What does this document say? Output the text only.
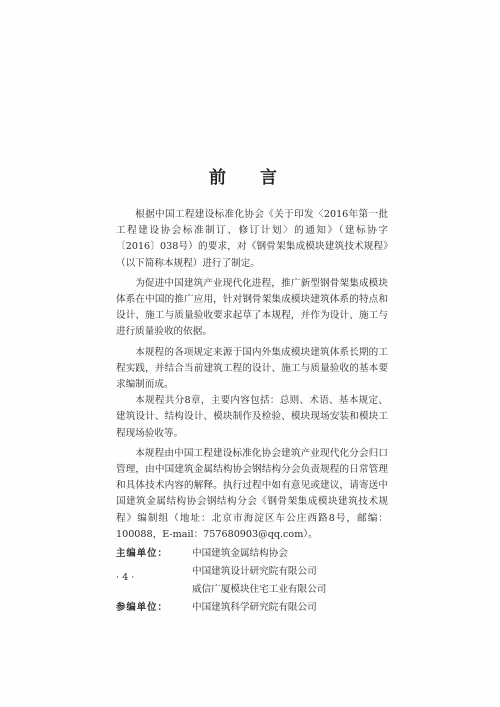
前 言

根据中国工程建设标准化协会《关于印发〈2016年第一批工程建设协会标准制订、修订计划〉的通知》（建标协字〔2016〕038号）的要求，对《钢骨架集成模块建筑技术规程》（以下简称本规程）进行了制定。

为促进中国建筑产业现代化进程，推广新型钢骨架集成模块体系在中国的推广应用，针对钢骨架集成模块建筑体系的特点和设计、施工与质量验收要求起草了本规程，并作为设计、施工与进行质量验收的依据。

本规程的各项规定来源于国内外集成模块建筑体系长期的工程实践，并结合当前建筑工程的设计、施工与质量验收的基本要求编制而成。

本规程共分8章，主要内容包括：总则、术语、基本规定、建筑设计、结构设计、模块制作及检验、模块现场安装和模块工程现场验收等。

本规程由中国工程建设标准化协会建筑产业现代化分会归口管理，由中国建筑金属结构协会钢结构分会负责规程的日常管理和具体技术内容的解释。执行过程中如有意见或建议，请寄送中国建筑金属结构协会钢结构分会《钢骨架集成模块建筑技术规程》编制组（地址：北京市海淀区车公庄西路8号，邮编：100088，E-mail：757680903@qq.com）。

主编单位：	中国建筑金属结构协会
中国建筑设计研究院有限公司
威信广厦模块住宅工业有限公司
参编单位：	中国建筑科学研究院有限公司
· 4 ·
